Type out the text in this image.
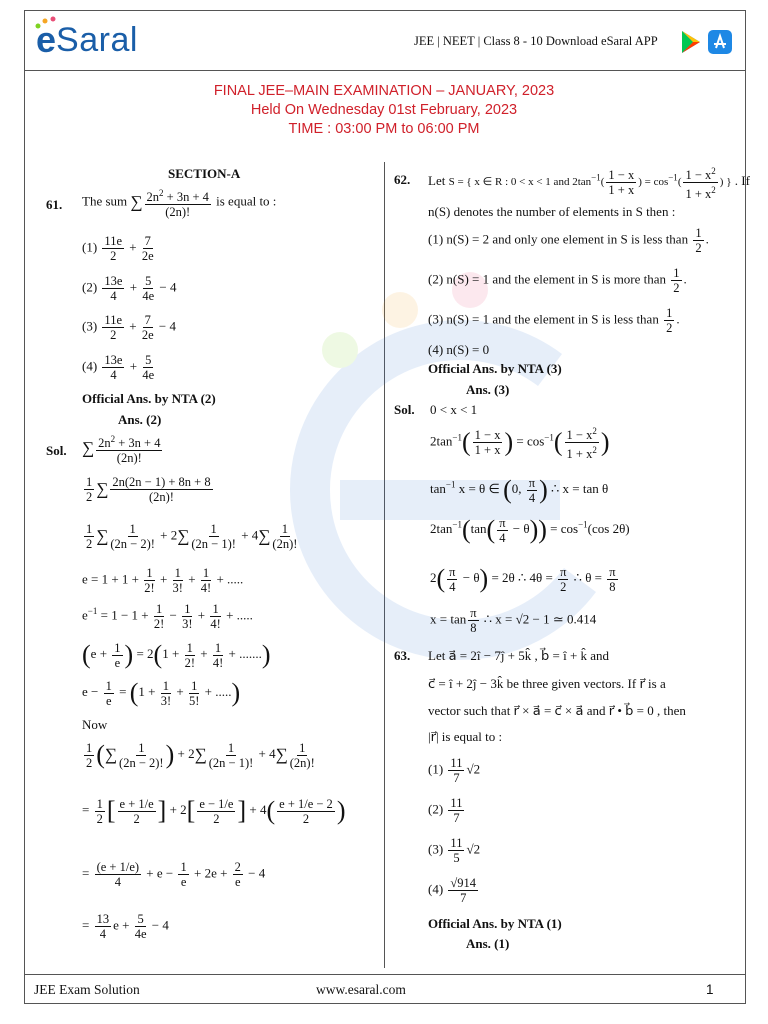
e Saral	JEE | NEET | Class 8 - 10 Download eSaral APP
FINAL JEE–MAIN EXAMINATION – JANUARY, 2023
Held On Wednesday 01st February, 2023
TIME : 03:00 PM to 06:00 PM
SECTION-A
61. The sum ∑ $\frac{2n^2 + 3n + 4}{(2n)!}$ is equal to :
$(1) \frac{11e}{2} + \frac{7}{2e}$
$(2) \frac{13e}{4} + \frac{5}{4e} - 4$
$(3) \frac{11e}{2} + \frac{7}{2e} - 4$
$(4) \frac{13e}{4} + \frac{5}{4e}$
Official Ans. by NTA (2)
Ans. (2)
Sol. ∑ $\frac{2n^2 + 3n + 4}{(2n)!}$
$\frac{1}{2}$ ∑ $\frac{2n(2n - 1) + 8n + 8}{(2n)!}$
$\frac{1}{2}$ ∑ $\frac{1}{(2n - 2)!} + 2\sum \frac{1}{(2n - 1)!} + 4\sum \frac{1}{(2n)!}$
$e = 1 + 1 + \frac{1}{2!} + \frac{1}{3!} + \frac{1}{4!}$ + .....
$e^{-1} = 1 - 1 + \frac{1}{2!} - \frac{1}{3!} + \frac{1}{4!}$ + .....
($e + \frac{1}{e}$ ) = $2(1 + \frac{1}{2!} + \frac{1}{4!}$ + .......)
$e - \frac{1}{e} = (1 + \frac{1}{3!} + \frac{1}{5!}$ + .....)
Now
$\frac{1}{2}$ (∑ $\frac{1}{(2n - 2)!}$ ) + $2\sum \frac{1}{(2n - 1)!} + 4\sum \frac{1}{(2n)!}$
= $\frac{1}{2}$ [ $\frac{e + 1/e}{2}$ ] + $2[ \frac{e - 1/e}{2}$ ] + $4( \frac{e + 1/e - 2}{2}$ )
= $\frac{(e + 1/e)}{4} + e - \frac{1}{e} + 2e + \frac{2}{e} - 4$
= $\frac{13}{4}$ $e + \frac{5}{4e} - 4$
62. Let S = { x ∈ R : 0 < x < 1 and $2\tan^{-1}( \frac{1 - x}{1 + x}$ ) = $\cos^{-1}( \frac{1 - x^2}{1 + x^2}$ ) } . If
n(S) denotes the number of elements in S then :
(1) n(S) = 2 and only one element in S is less than $\frac{1}{2}$ .
(2) n(S) = 1 and the element in S is more than $\frac{1}{2}$ .
(3) n(S) = 1 and the element in S is less than $\frac{1}{2}$ .
(4) n(S) = 0
Official Ans. by NTA (3)
Ans. (3)
Sol. 0 < x < 1
$2\tan^{-1}( \frac{1 - x}{1 + x}$ ) = $\cos^{-1}( \frac{1 - x^2}{1 + x^2}$ )
$\tan^{-1} x = \theta$ ∈ (0, $\frac{\pi}{4}$ ) ∴ x = tan θ
$2\tan^{-1}(\tan( \frac{\pi}{4} - \theta)) = \cos^{-1}(\cos$ 2θ)
$2( \frac{\pi}{4} - \theta) = 2\theta$ ∴ $4\theta = \frac{\pi}{2}$ ∴ $\theta = \frac{\pi}{8}$
$x = \tan \frac{\pi}{8}$ ∴ x = √2 − 1 ≃ 0.414
63. Let a⃗ = 2î − 7ĵ + 5k̂ , b⃗ = î + k̂ and
c⃗ = î + 2ĵ − 3k̂ be three given vectors. If r⃗ is a
vector such that r⃗ × a⃗ = c⃗ × a⃗ and r⃗ • b⃗ = 0 , then
|r⃗| is equal to :
$(1) \frac{11}{7} √2$
$(2) \frac{11}{7}$
$(3) \frac{11}{5} √2$
$(4) \frac{√914}{7}$
Official Ans. by NTA (1)
Ans. (1)
JEE Exam Solution	www.esaral.com	1
